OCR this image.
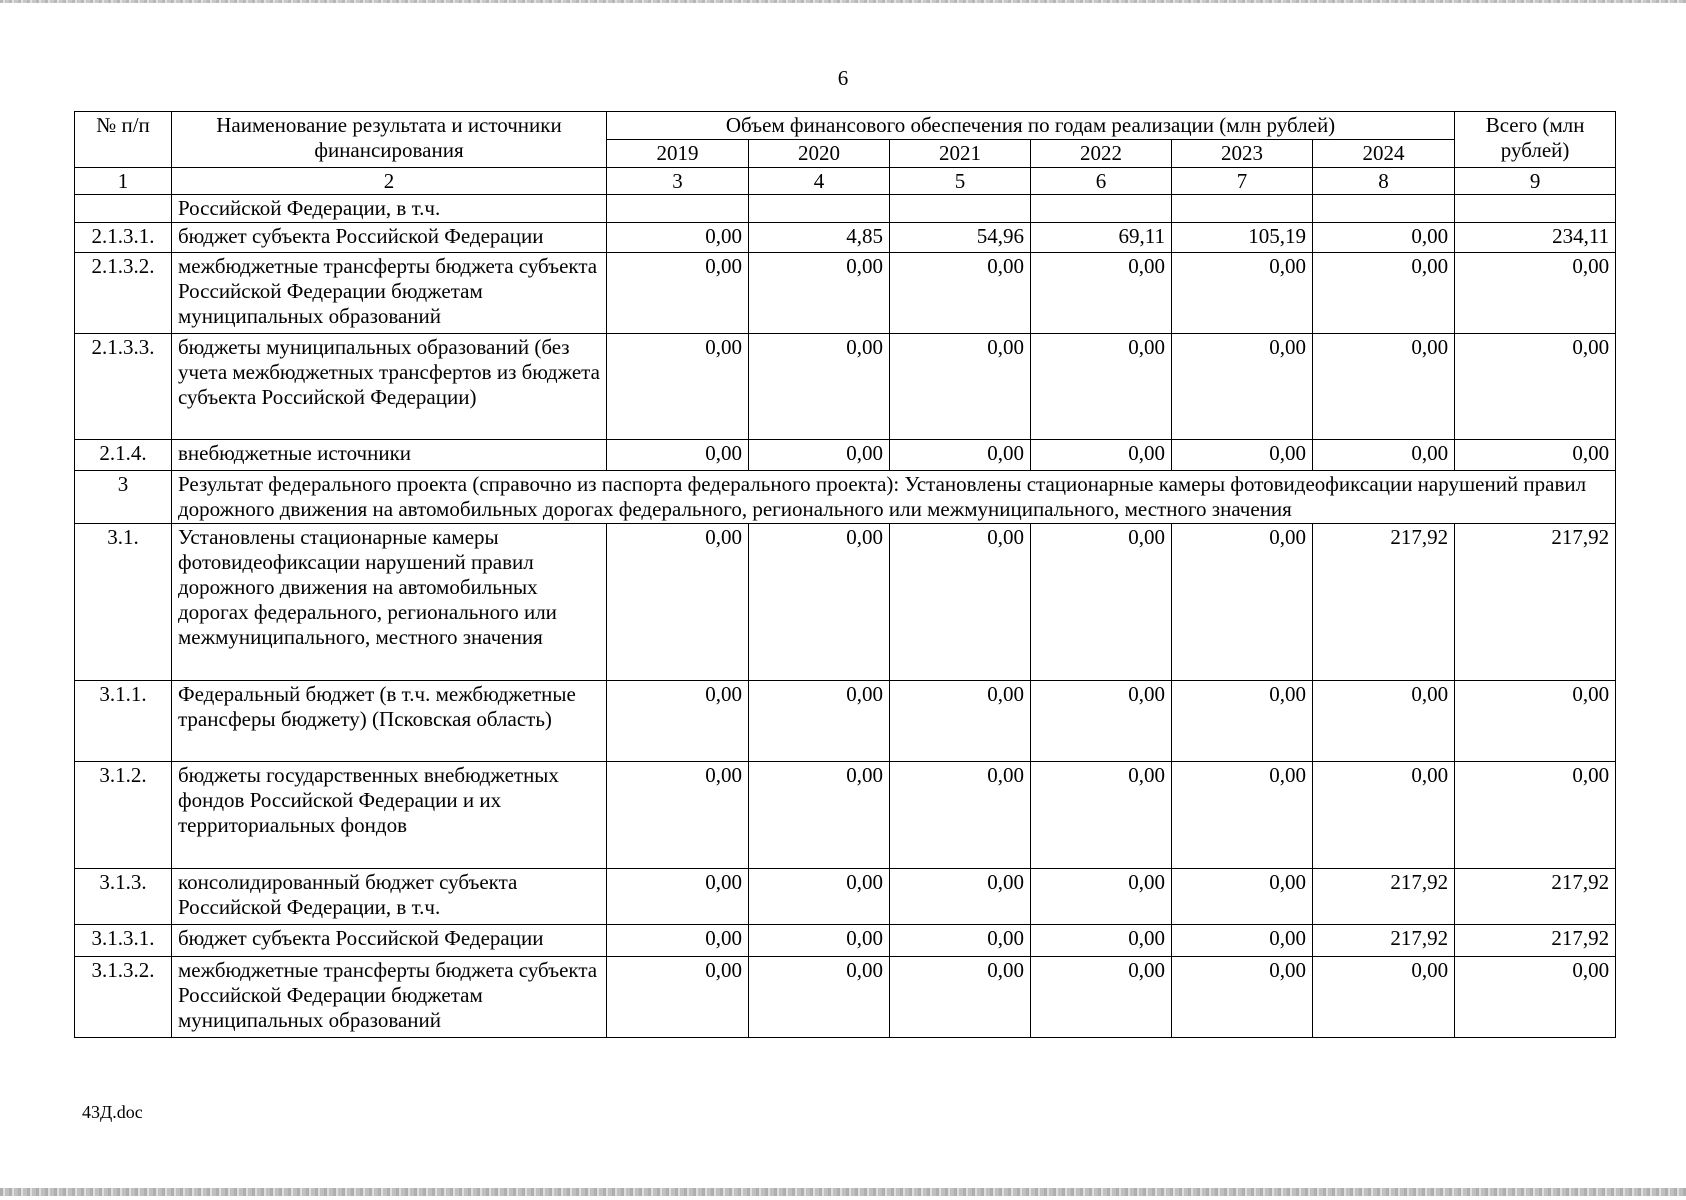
6
№ п/п	Наименование результата и источники финансирования	Объем финансового обеспечения по годам реализации (млн рублей)						Всего (млн рублей)
		2019	2020	2021	2022	2023	2024	
1	2	3	4	5	6	7	8	9
	Российской Федерации, в т.ч.							
2.1.3.1.	бюджет субъекта Российской Федерации	0,00	4,85	54,96	69,11	105,19	0,00	234,11
2.1.3.2.	межбюджетные трансферты бюджета субъекта Российской Федерации бюджетам муниципальных образований	0,00	0,00	0,00	0,00	0,00	0,00	0,00
2.1.3.3.	бюджеты муниципальных образований (без учета межбюджетных трансфертов из бюджета субъекта Российской Федерации)	0,00	0,00	0,00	0,00	0,00	0,00	0,00
2.1.4.	внебюджетные источники	0,00	0,00	0,00	0,00	0,00	0,00	0,00
3	Результат федерального проекта (справочно из паспорта федерального проекта): Установлены стационарные камеры фотовидеофиксации нарушений правил дорожного движения на автомобильных дорогах федерального, регионального или межмуниципального, местного значения							
3.1.	Установлены стационарные камеры фотовидеофиксации нарушений правил дорожного движения на автомобильных дорогах федерального, регионального или межмуниципального, местного значения	0,00	0,00	0,00	0,00	0,00	217,92	217,92
3.1.1.	Федеральный бюджет (в т.ч. межбюджетные трансферы бюджету) (Псковская область)	0,00	0,00	0,00	0,00	0,00	0,00	0,00
3.1.2.	бюджеты государственных внебюджетных фондов Российской Федерации и их территориальных фондов	0,00	0,00	0,00	0,00	0,00	0,00	0,00
3.1.3.	консолидированный бюджет субъекта Российской Федерации, в т.ч.	0,00	0,00	0,00	0,00	0,00	217,92	217,92
3.1.3.1.	бюджет субъекта Российской Федерации	0,00	0,00	0,00	0,00	0,00	217,92	217,92
3.1.3.2.	межбюджетные трансферты бюджета субъекта Российской Федерации бюджетам муниципальных образований	0,00	0,00	0,00	0,00	0,00	0,00	0,00
43Д.doc
